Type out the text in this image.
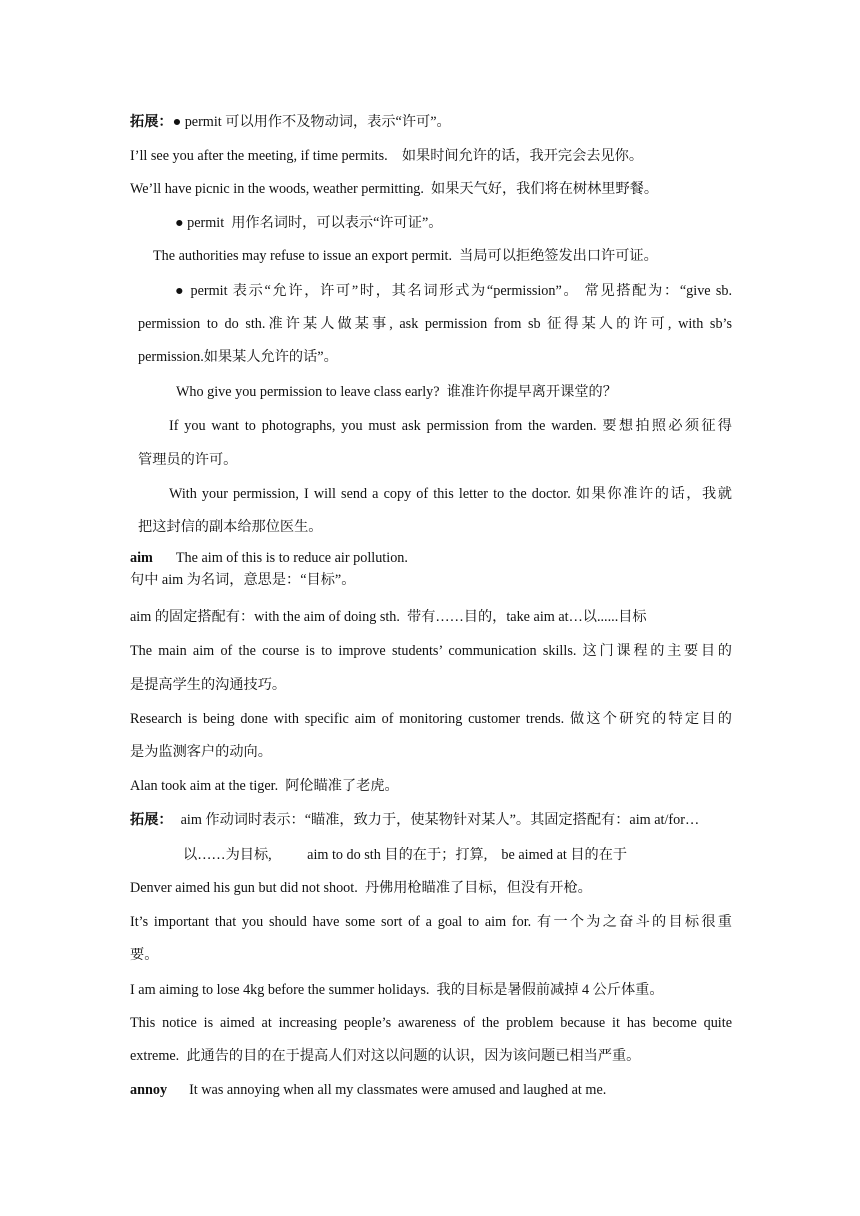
拓展：● permit 可以用作不及物动词，表示“许可”。
I’ll see you after the meeting, if time permits.    如果时间允许的话，我开完会去见你。
We’ll have picnic in the woods, weather permitting.  如果天气好，我们将在树林里野餐。
● permit  用作名词时，可以表示“许可证”。
The authorities may refuse to issue an export permit.  当局可以拒绝签发出口许可证。
● permit 表示“允许，许可”时，其名词形式为“permission”。 常见搭配为：“give sb.
permission to do sth.准许某人做某事, ask permission from sb 征得某人的许可, with sb’s
permission.如果某人允许的话”。
Who give you permission to leave class early?  谁准许你提早离开课堂的？
If you want to photographs, you must ask permission from the warden. 要想拍照必须征得
管理员的许可。
With your permission, I will send a copy of this letter to the doctor. 如果你准许的话，我就
把这封信的副本给那位医生。
aim The aim of this is to reduce air pollution.
句中 aim 为名词，意思是：“目标”。
aim 的固定搭配有：with the aim of doing sth.  带有……目的，take aim at…以......目标
The main aim of the course is to improve students’ communication skills. 这门课程的主要目的
是提高学生的沟通技巧。
Research is being done with specific aim of monitoring customer trends. 做这个研究的特定目的
是为监测客户的动向。
Alan took aim at the tiger.  阿伦瞄准了老虎。
拓展： aim 作动词时表示：“瞄准，致力于，使某物针对某人”。其固定搭配有：aim at/for…
以……为目标,          aim to do sth 目的在于；打算,    be aimed at 目的在于
Denver aimed his gun but did not shoot.  丹佛用枪瞄准了目标，但没有开枪。
It’s important that you should have some sort of a goal to aim for. 有一个为之奋斗的目标很重
要。
I am aiming to lose 4kg before the summer holidays.  我的目标是暑假前减掉 4 公斤体重。
This notice is aimed at increasing people’s awareness of the problem because it has become quite
extreme.  此通告的目的在于提高人们对这以问题的认识，因为该问题已相当严重。
annoy It was annoying when all my classmates were amused and laughed at me.
